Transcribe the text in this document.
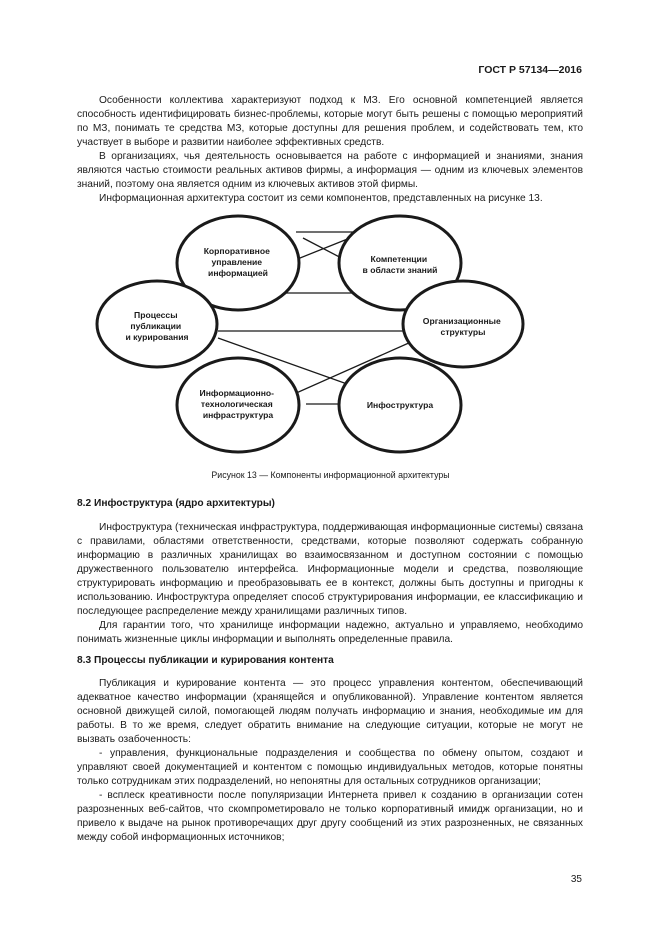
ГОСТ Р 57134—2016

Особенности коллектива характеризуют подход к МЗ. Его основной компетенцией является способность идентифицировать бизнес-проблемы, которые могут быть решены с помощью мероприятий по МЗ, понимать те средства МЗ, которые доступны для решения проблем, и содействовать тем, кто участвует в выборе и развитии наиболее эффективных средств.

В организациях, чья деятельность основывается на работе с информацией и знаниями, знания являются частью стоимости реальных активов фирмы, а информация — одним из ключевых элементов знаний, поэтому она является одним из ключевых активов этой фирмы.

Информационная архитектура состоит из семи компонентов, представленных на рисунке 13.

Корпоративное управление информацией
Компетенции в области знаний
Процессы публикации и курирования
Организационные структуры
Информационно- технологическая инфраструктура
Инфоструктура
Рисунок 13 — Компоненты информационной архитектуры
8.2 Инфоструктура (ядро архитектуры)

Инфоструктура (техническая инфраструктура, поддерживающая информационные системы) связана с правилами, областями ответственности, средствами, которые позволяют содержать собранную информацию в различных хранилищах во взаимосвязанном и доступном состоянии с помощью дружественного пользователю интерфейса. Информационные модели и средства, позволяющие структурировать информацию и преобразовывать ее в контекст, должны быть доступны и пригодны к использованию. Инфоструктура определяет способ структурирования информации, ее классификацию и последующее распределение между хранилищами различных типов.

Для гарантии того, что хранилище информации надежно, актуально и управляемо, необходимо понимать жизненные циклы информации и выполнять определенные правила.

8.3 Процессы публикации и курирования контента

Публикация и курирование контента — это процесс управления контентом, обеспечивающий адекватное качество информации (хранящейся и опубликованной). Управление контентом является основной движущей силой, помогающей людям получать информацию и знания, необходимые им для работы. В то же время, следует обратить внимание на следующие ситуации, которые не могут не вызвать озабоченность:

- управления, функциональные подразделения и сообщества по обмену опытом, создают и управляют своей документацией и контентом с помощью индивидуальных методов, которые понятны только сотрудникам этих подразделений, но непонятны для остальных сотрудников организации;

- всплеск креативности после популяризации Интернета привел к созданию в организации сотен разрозненных веб-сайтов, что скомпрометировало не только корпоративный имидж организации, но и привело к выдаче на рынок противоречащих друг другу сообщений из этих разрозненных, не связанных между собой информационных источников;

35
